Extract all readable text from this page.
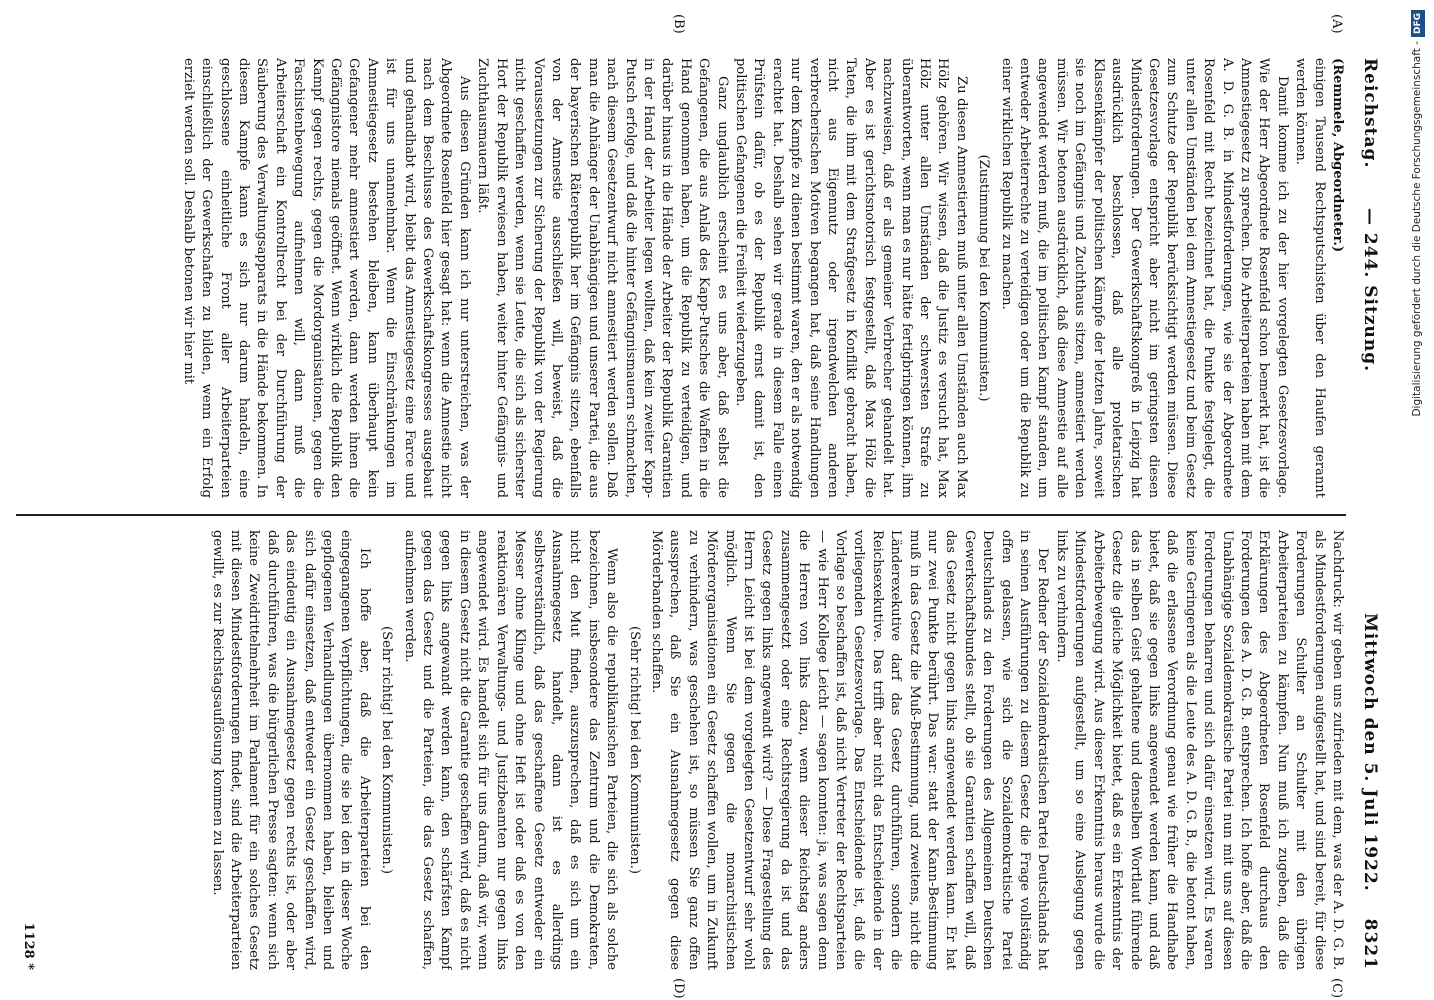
Reichstag.
— 244. Sitzung.
Mittwoch den 5. Juli 1922.
8321
(A)
(B)
(C)
(D)

(Remmele, Abgeordneter.)

einigen Tausend Rechtsputschisten über den Haufen gerannt werden können.

Damit komme ich zu der hier vorgelegten Gesetzesvorlage. Wie der Herr Abgeordnete Rosenfeld schon bemerkt hat, ist die Amnestiegesetz zu sprechen. Die Arbeiterparteien haben mit dem A. D. G. B. in Mindestforderungen, wie sie der Abgeordnete Rosenfeld mit Recht bezeichnet hat, die Punkte festgelegt, die unter allen Umständen bei dem Amnestiegesetz und beim Gesetz zum Schutze der Republik berücksichtigt werden müssen. Diese Gesetzesvorlage entspricht aber nicht im geringsten diesen Mindestforderungen. Der Gewerkschaftskongreß in Leipzig hat ausdrücklich beschlossen, daß alle proletarischen Klassenkämpfer der politischen Kämpfe der letzten Jahre, soweit sie noch im Gefängnis und Zuchthaus sitzen, amnestiert werden müssen. Wir betonen ausdrücklich, daß diese Amnestie auf alle angewendet werden muß, die im politischen Kampf standen, um entweder Arbeiterrechte zu verteidigen oder um die Republik zu einer wirklichen Republik zu machen.

(Zustimmung bei den Kommunisten.)

Zu diesen Amnestierten muß unter allen Umständen auch Max Hölz gehören. Wir wissen, daß die Justiz es versucht hat, Max Hölz unter allen Umständen der schwersten Strafe zu überantworten, wenn man es nur hätte fertigbringen können, ihm nachzuweisen, daß er als gemeiner Verbrecher gehandelt hat. Aber es ist gerichtsnotorisch festgestellt, daß Max Hölz die Taten, die ihm mit dem Strafgesetz in Konflikt gebracht haben, nicht aus Eigennutz oder irgendwelchen anderen verbrecherischen Motiven begangen hat, daß seine Handlungen nur dem Kampfe zu dienen bestimmt waren, den er als notwendig erachtet hat. Deshalb sehen wir gerade in diesem Falle einen Prüfstein dafür, ob es der Republik ernst damit ist, den politischen Gefangenen die Freiheit wiederzugeben.

Ganz unglaublich erscheint es uns aber, daß selbst die Gefangenen, die aus Anlaß des Kapp-Putsches die Waffen in die Hand genommen haben, um die Republik zu verteidigen, und darüber hinaus in die Hände der Arbeiter der Republik Garantien in der Hand der Arbeiter legen wollten, daß kein zweiter Kapp-Putsch erfolge, und daß die hinter Gefängnismauern schmachten, nach diesem Gesetzentwurf nicht amnestiert werden sollen. Daß man die Anhänger der Unabhängigen und unserer Partei, die aus der bayerischen Räterepublik her im Gefängnis sitzen, ebenfalls von der Amnestie ausschließen will, beweist, daß die Voraussetzungen zur Sicherung der Republik von der Regierung nicht geschaffen werden, wenn sie Leute, die sich als sicherster Hort der Republik erwiesen haben, weiter hinter Gefängnis- und Zuchthausmauern läßt.

Aus diesen Gründen kann ich nur unterstreichen, was der Abgeordnete Rosenfeld hier gesagt hat: wenn die Amnestie nicht nach dem Beschlusse des Gewerkschaftskongresses ausgebaut und gehandhabt wird, bleibt das Amnestiegesetz eine Farce und ist für uns unannehmbar. Wenn die Einschränkungen im Amnestiegesetz bestehen bleiben, kann überhaupt kein Gefangener mehr amnestiert werden, dann werden ihnen die Gefängnistore niemals geöffnet. Wenn wirklich die Republik den Kampf gegen rechts, gegen die Mordorganisationen, gegen die Faschistenbewegung aufnehmen will, dann muß die Arbeiterschaft ein Kontrollrecht bei der Durchführung der Säuberung des Verwaltungsapparats in die Hände bekommen. In diesem Kampfe kann es sich nur darum handeln, eine geschlossene einheitliche Front aller Arbeiterparteien einschließlich der Gewerkschaften zu bilden, wenn ein Erfolg erzielt werden soll. Deshalb betonen wir hier mit

Nachdruck: wir geben uns zufrieden mit dem, was der A. D. G. B. als Mindestforderungen aufgestellt hat, und sind bereit, für diese Forderungen Schulter an Schulter mit den übrigen Arbeiterparteien zu kämpfen. Nun muß ich zugeben, daß die Erklärungen des Abgeordneten Rosenfeld durchaus den Forderungen des A. D. G. B. entsprechen. Ich hoffe aber, daß die Unabhängige Sozialdemokratische Partei nun mit uns auf diesen Forderungen beharren und sich dafür einsetzen wird. Es waren keine Geringeren als die Leute des A. D. G. B., die betont haben, daß die erlassene Verordnung genau wie früher die Handhabe bietet, daß sie gegen links angewendet werden kann, und daß das in selben Geist gehaltene und denselben Wortlaut führende Gesetz die gleiche Möglichkeit bietet, daß es ein Erkenntnis der Arbeiterbewegung wird. Aus dieser Erkenntnis heraus wurde die Mindestforderungen aufgestellt, um so eine Auslegung gegen links zu verhindern.

Der Redner der Sozialdemokratischen Partei Deutschlands hat in seinen Ausführungen zu diesem Gesetz die Frage vollständig offen gelassen, wie sich die Sozialdemokratische Partei Deutschlands zu den Forderungen des Allgemeinen Deutschen Gewerkschaftsbundes stellt, ob sie Garantien schaffen will, daß das Gesetz nicht gegen links angewendet werden kann. Er hat nur zwei Punkte berührt. Das war: statt der Kann-Bestimmung muß in das Gesetz die Muß-Bestimmung, und zweitens, nicht die Länderexekutive darf das Gesetz durchführen, sondern die Reichsexekutive. Das trifft aber nicht das Entscheidende in der vorliegenden Gesetzesvorlage. Das Entscheidende ist, daß die Vorlage so beschaffen ist, daß nicht Vertreter der Rechtsparteien — wie Herr Kollege Leicht — sagen konnten: ja, was sagen denn die Herren von links dazu, wenn dieser Reichstag anders zusammengesetzt oder eine Rechtsregierung da ist und das Gesetz gegen links angewandt wird? — Diese Fragestellung des Herrn Leicht ist bei dem vorgelegten Gesetzentwurf sehr wohl möglich. Wenn Sie gegen die monarchistischen Mörderorganisationen ein Gesetz schaffen wollen, um in Zukunft zu verhindern, was geschehen ist, so müssen Sie ganz offen aussprechen, daß Sie ein Ausnahmegesetz gegen diese Mörderbanden schaffen.

(Sehr richtig! bei den Kommunisten.)

Wenn also die republikanischen Parteien, die sich als solche bezeichnen, insbesondere das Zentrum und die Demokraten, nicht den Mut finden, auszusprechen, daß es sich um ein Ausnahmegesetz handelt, dann ist es allerdings selbstverständlich, daß das geschaffene Gesetz entweder ein Messer ohne Klinge und ohne Heft ist oder daß es von den reaktionären Verwaltungs- und Justizbeamten nur gegen links angewendet wird. Es handelt sich für uns darum, daß wir, wenn in diesem Gesetz nicht die Garantie geschaffen wird, daß es nicht gegen links angewandt werden kann, den schärfsten Kampf gegen das Gesetz und die Parteien, die das Gesetz schaffen, aufnehmen werden.

(Sehr richtig! bei den Kommunisten.)

Ich hoffe aber, daß die Arbeiterparteien bei den eingegangenen Verpflichtungen, die sie bei den in dieser Woche gepflogenen Verhandlungen übernommen haben, bleiben und sich dafür einsetzen, daß entweder ein Gesetz geschaffen wird, das eindeutig ein Ausnahmegesetz gegen rechts ist, oder aber daß durchführen, was die bürgerlichen Presse sagten: wenn sich keine Zweidrittelmehrheit im Parlament für ein solches Gesetz mit diesen Mindestforderungen findet, sind die Arbeiterparteien gewillt, es zur Reichstagsauflösung kommen zu lassen.

1128 *
Digitalisierung gefördert durch die Deutsche Forschungsgemeinschaft -DFG
